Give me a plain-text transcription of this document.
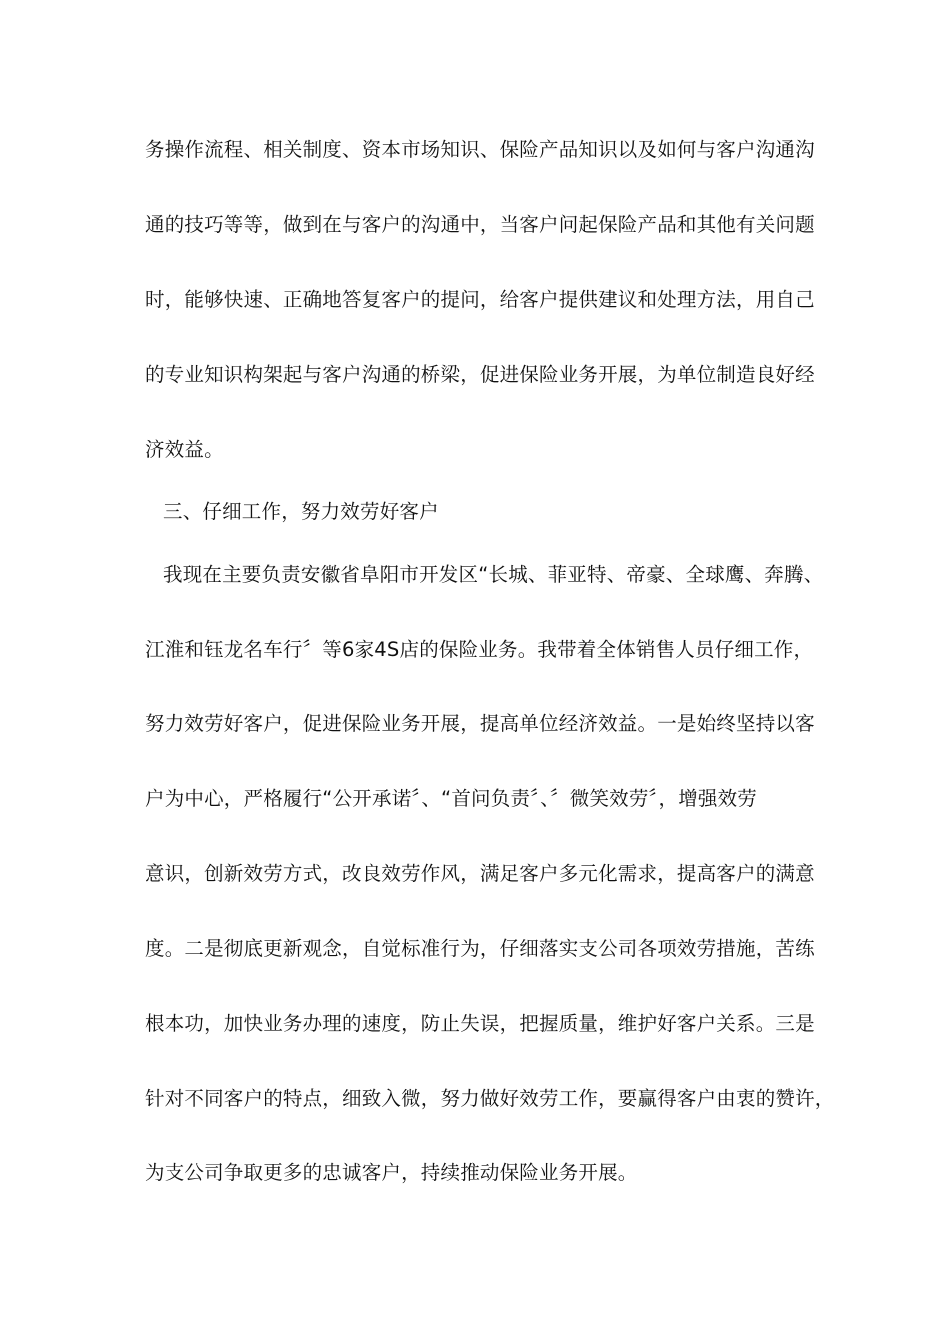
务操作流程、相关制度、资本市场知识、保险产品知识以及如何与客户沟通沟
通的技巧等等，做到在与客户的沟通中，当客户问起保险产品和其他有关问题
时，能够快速、正确地答复客户的提问，给客户提供建议和处理方法，用自己
的专业知识构架起与客户沟通的桥梁，促进保险业务开展，为单位制造良好经
济效益。
三、仔细工作，努力效劳好客户
我现在主要负责安徽省阜阳市开发区“长城、菲亚特、帝豪、全球鹰、奔腾、
江淮和钰龙名车行〞等6家4S店的保险业务。我带着全体销售人员仔细工作，
努力效劳好客户，促进保险业务开展，提高单位经济效益。一是始终坚持以客
户为中心，严格履行“公开承诺〞、“首问负责〞、〞微笑效劳〞，增强效劳
意识，创新效劳方式，改良效劳作风，满足客户多元化需求，提高客户的满意
度。二是彻底更新观念，自觉标准行为，仔细落实支公司各项效劳措施，苦练
根本功，加快业务办理的速度，防止失误，把握质量，维护好客户关系。三是
针对不同客户的特点，细致入微，努力做好效劳工作，要赢得客户由衷的赞许，
为支公司争取更多的忠诚客户，持续推动保险业务开展。
